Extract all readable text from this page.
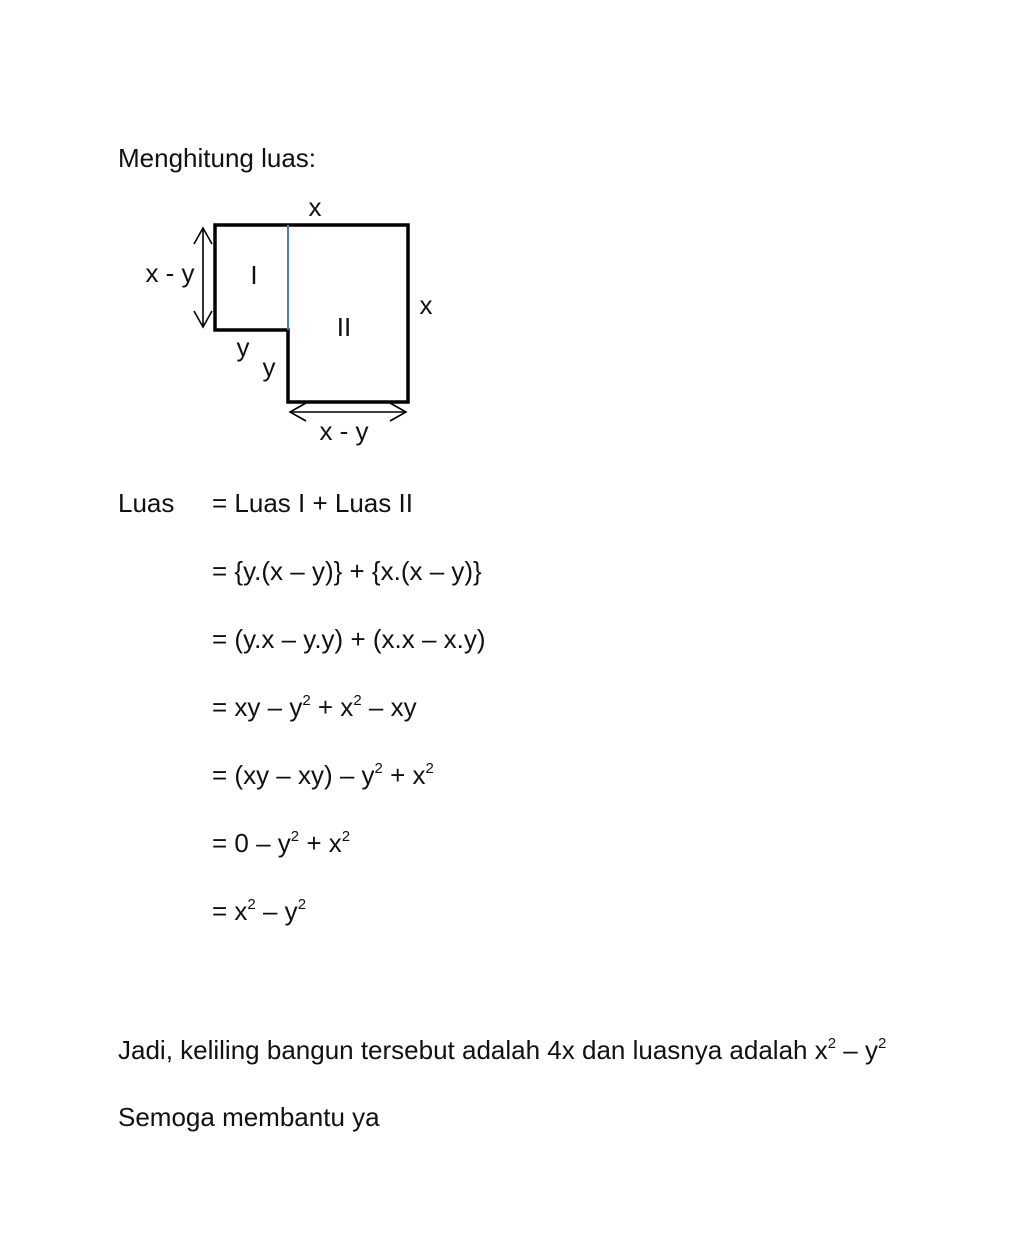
Menghitung luas:
x
x - y
x
x - y
y
y
I
II
Luas = Luas I + Luas II
= {y.(x – y)} + {x.(x – y)}
= (y.x – y.y) + (x.x – x.y)
= xy – $y^2 + x^2$ – xy
= $(xy - xy) - y^2 + x^2$
= $0 - y^2 + x^2$
= $x^2 - y^2$
Jadi, keliling bangun tersebut adalah 4x dan luasnya adalah $x^2 - y^2$
Semoga membantu ya
